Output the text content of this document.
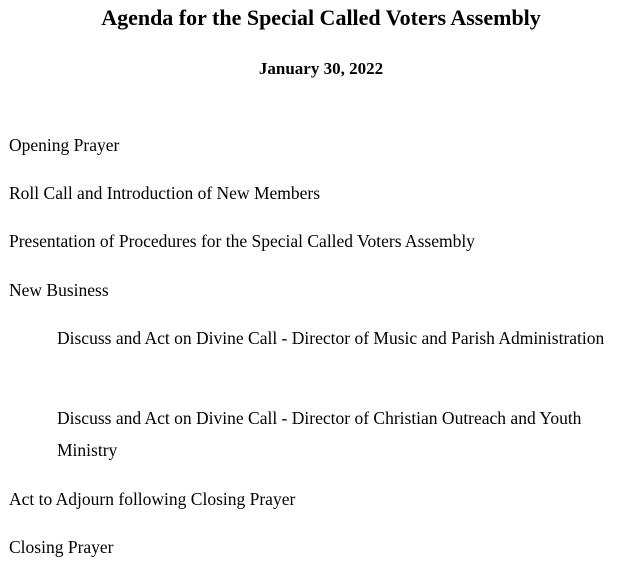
Agenda for the Special Called Voters Assembly
January 30, 2022
Opening Prayer
Roll Call and Introduction of New Members
Presentation of Procedures for the Special Called Voters Assembly
New Business
Discuss and Act on Divine Call - Director of Music and Parish Administration
Discuss and Act on Divine Call - Director of Christian Outreach and Youth Ministry
Act to Adjourn following Closing Prayer
Closing Prayer
